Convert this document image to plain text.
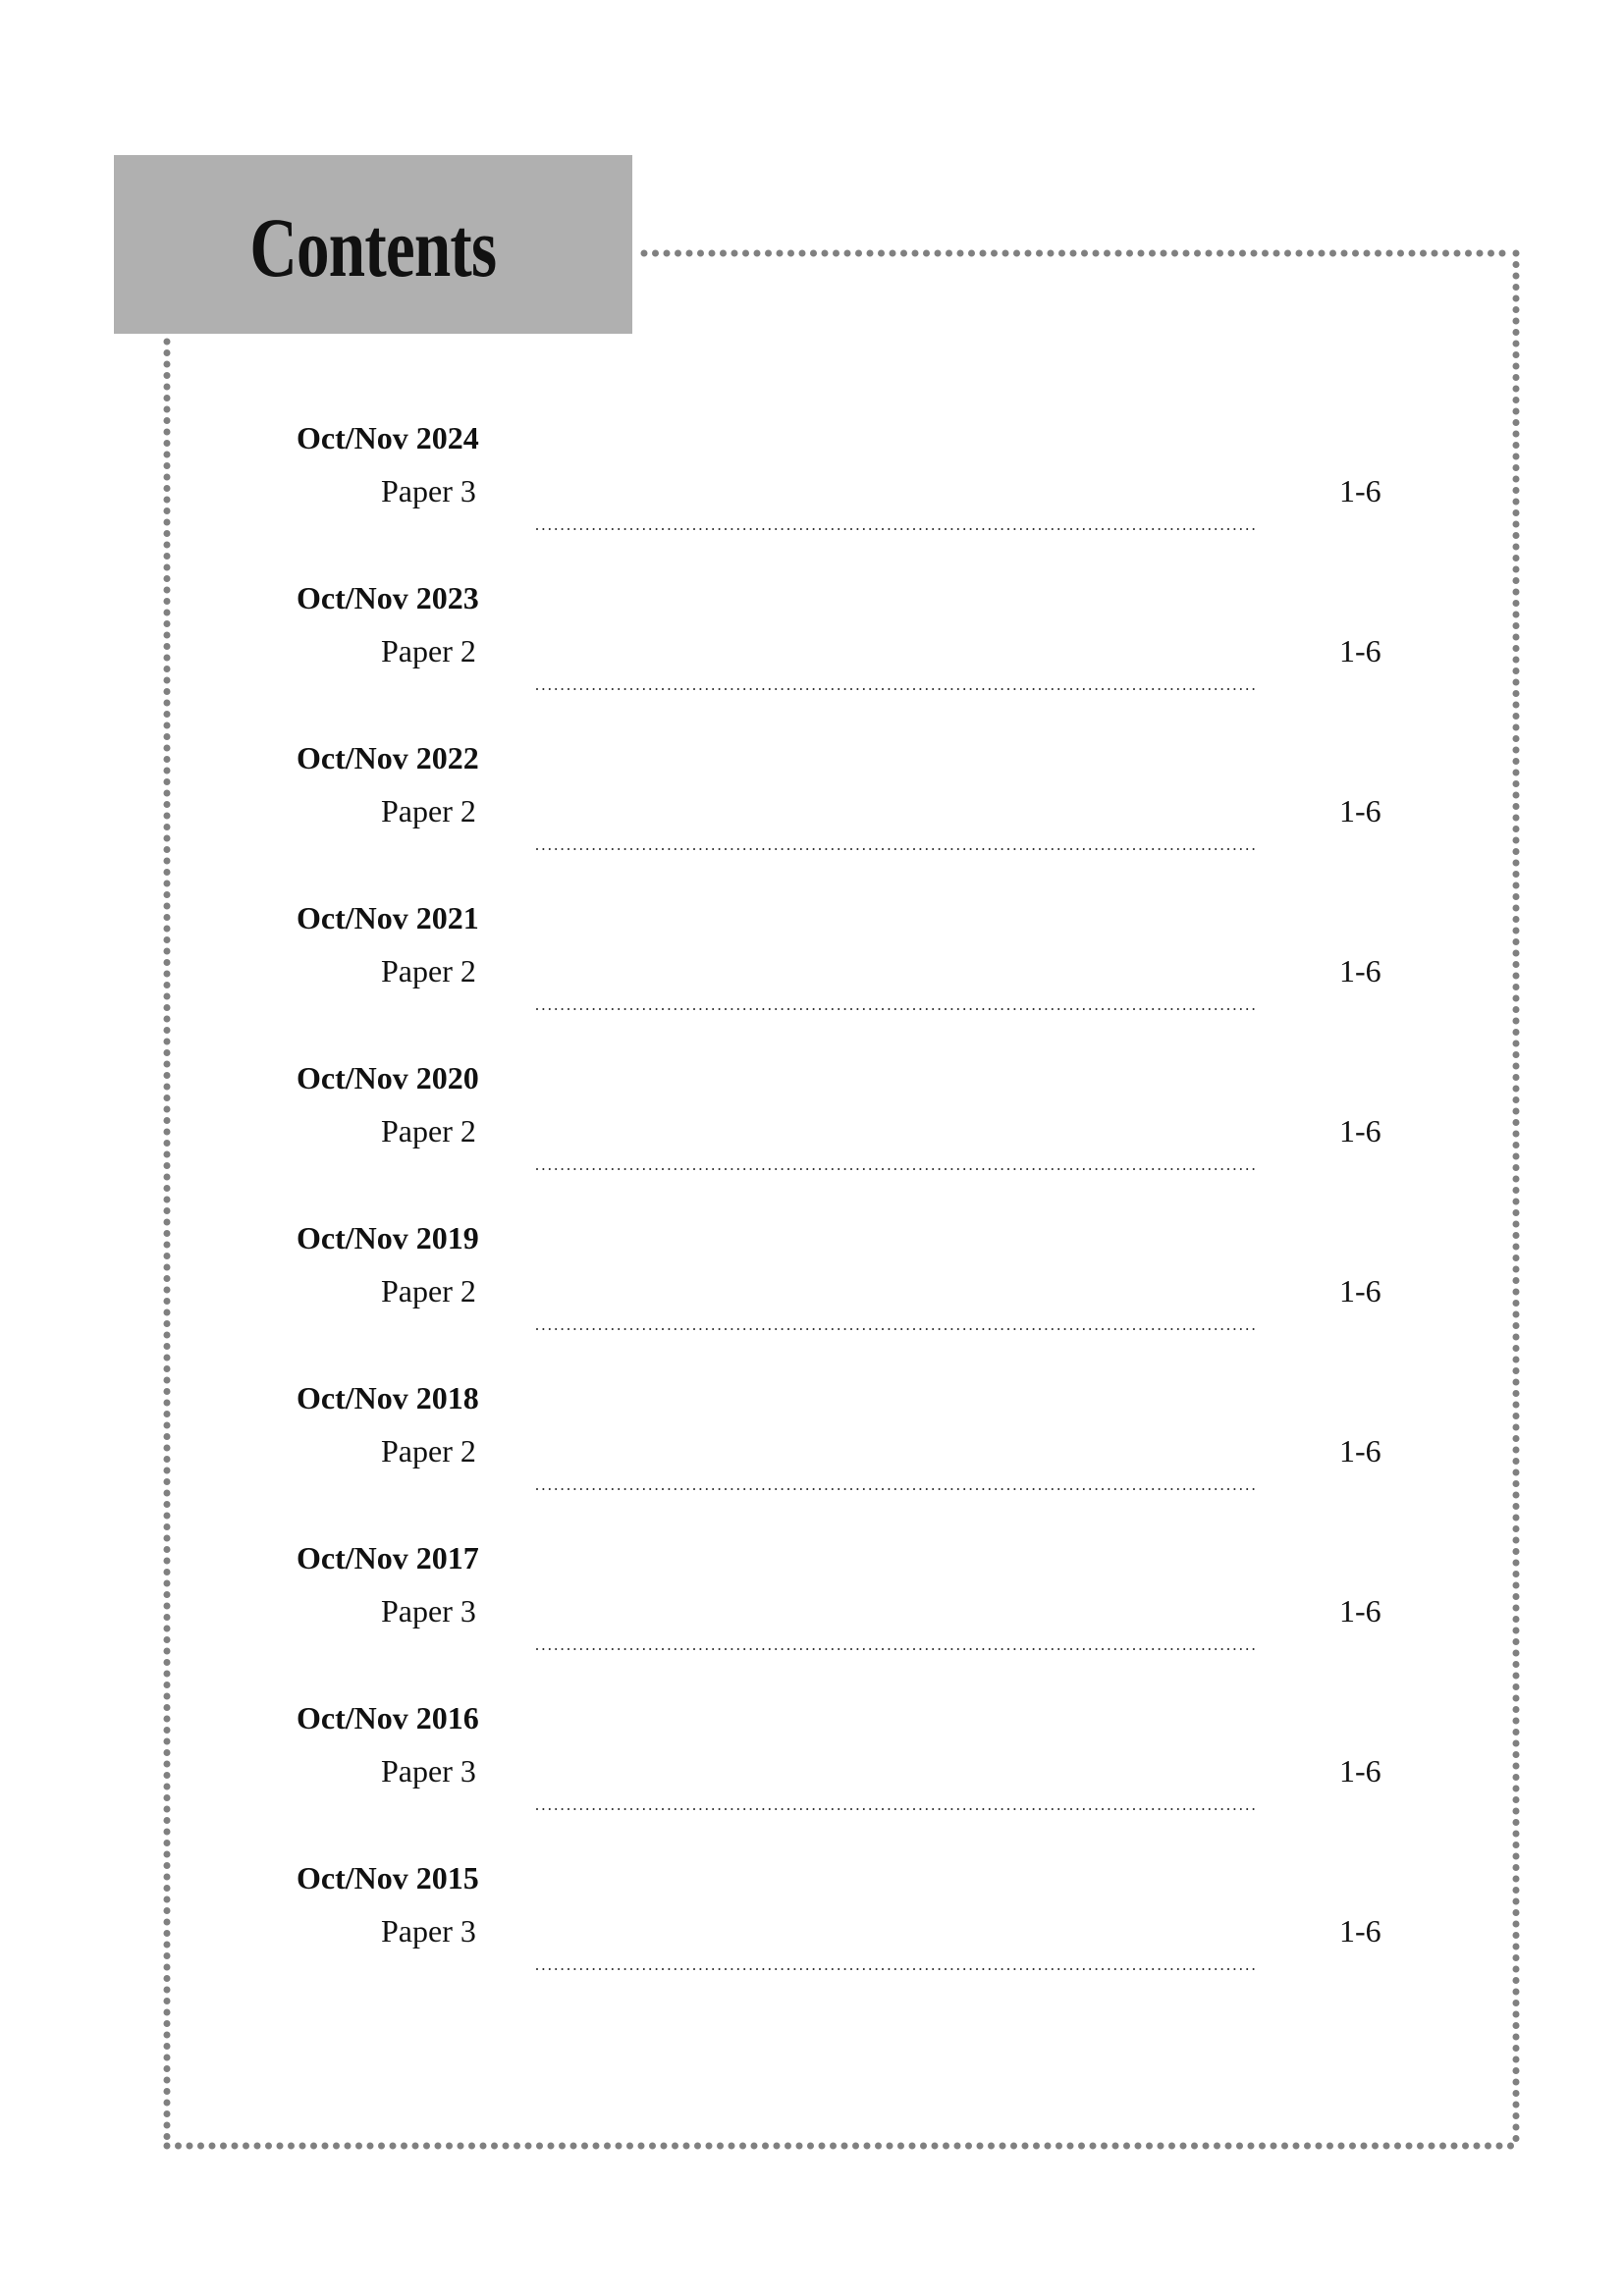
Contents
Oct/Nov 2024
Paper 3	1-6
Oct/Nov 2023
Paper 2	1-6
Oct/Nov 2022
Paper 2	1-6
Oct/Nov 2021
Paper 2	1-6
Oct/Nov 2020
Paper 2	1-6
Oct/Nov 2019
Paper 2	1-6
Oct/Nov 2018
Paper 2	1-6
Oct/Nov 2017
Paper 3	1-6
Oct/Nov 2016
Paper 3	1-6
Oct/Nov 2015
Paper 3	1-6
